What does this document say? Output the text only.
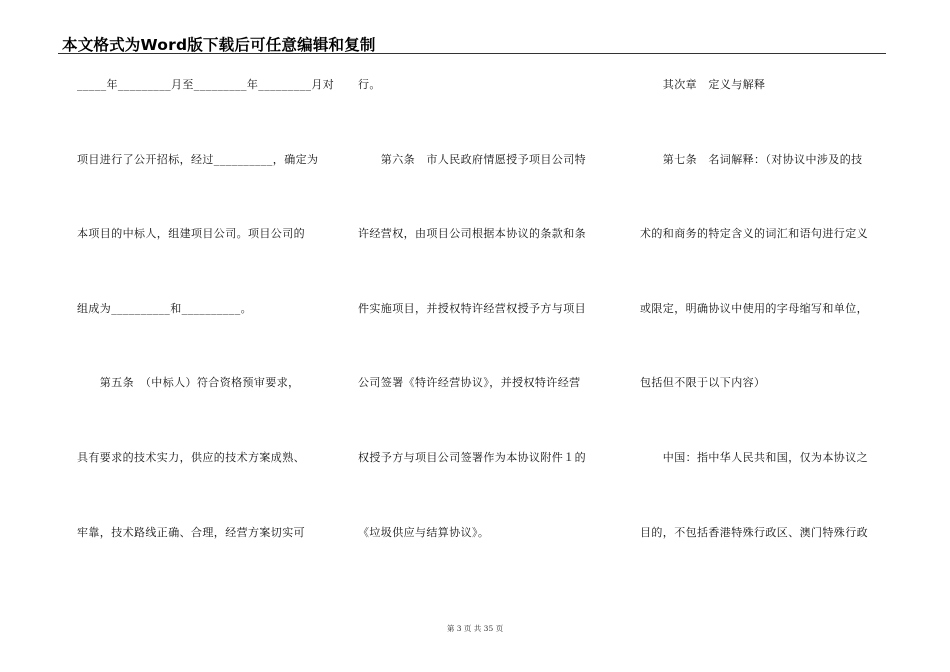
本文格式为Word版下载后可任意编辑和复制
_____年_________月至_________年_________月对
项目进行了公开招标，经过__________，确定为
本项目的中标人，组建项目公司。项目公司的
组成为__________和__________。
　　第五条　（中标人）符合资格预审要求，
具有要求的技术实力，供应的技术方案成熟、
牢靠，技术路线正确、合理，经营方案切实可
行。
　　第六条　市人民政府情愿授予项目公司特
许经营权，由项目公司根据本协议的条款和条
件实施项目，并授权特许经营权授予方与项目
公司签署《特许经营协议》，并授权特许经营
权授予方与项目公司签署作为本协议附件１的
《垃圾供应与结算协议》。
　　其次章　定义与解释
　　第七条　名词解释：（对协议中涉及的技
术的和商务的特定含义的词汇和语句进行定义
或限定，明确协议中使用的字母缩写和单位，
包括但不限于以下内容）
　　中国：指中华人民共和国，仅为本协议之
目的，不包括香港特殊行政区、澳门特殊行政
第 3 页 共 35 页
